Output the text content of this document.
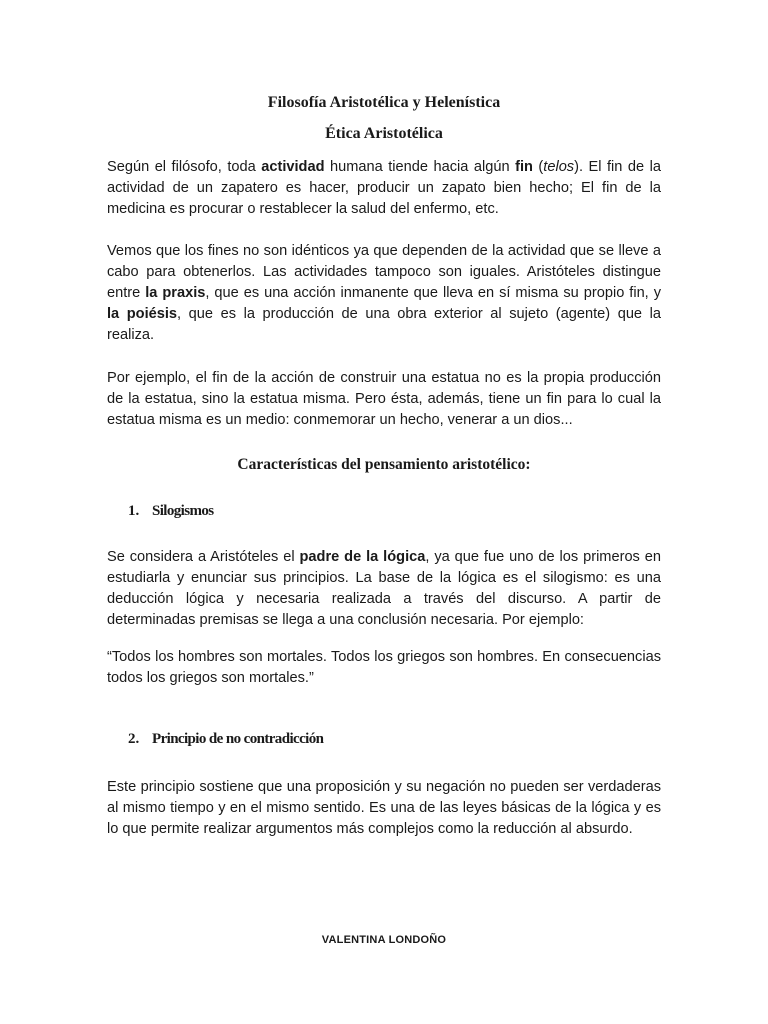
Filosofía Aristotélica y Helenística
Ética Aristotélica

Según el filósofo, toda actividad humana tiende hacia algún fin (telos). El fin de la actividad de un zapatero es hacer, producir un zapato bien hecho; El fin de la medicina es procurar o restablecer la salud del enfermo, etc.

Vemos que los fines no son idénticos ya que dependen de la actividad que se lleve a cabo para obtenerlos. Las actividades tampoco son iguales. Aristóteles distingue entre la praxis, que es una acción inmanente que lleva en sí misma su propio fin, y la poiésis, que es la producción de una obra exterior al sujeto (agente) que la realiza.

Por ejemplo, el fin de la acción de construir una estatua no es la propia producción de la estatua, sino la estatua misma. Pero ésta, además, tiene un fin para lo cual la estatua misma es un medio: conmemorar un hecho, venerar a un dios...

Características del pensamiento aristotélico:
1. Silogismos

Se considera a Aristóteles el padre de la lógica, ya que fue uno de los primeros en estudiarla y enunciar sus principios. La base de la lógica es el silogismo: es una deducción lógica y necesaria realizada a través del discurso. A partir de determinadas premisas se llega a una conclusión necesaria. Por ejemplo:

“Todos los hombres son mortales. Todos los griegos son hombres. En consecuencias todos los griegos son mortales.”

2. Principio de no contradicción

Este principio sostiene que una proposición y su negación no pueden ser verdaderas al mismo tiempo y en el mismo sentido. Es una de las leyes básicas de la lógica y es lo que permite realizar argumentos más complejos como la reducción al absurdo.

VALENTINA LONDOÑO
